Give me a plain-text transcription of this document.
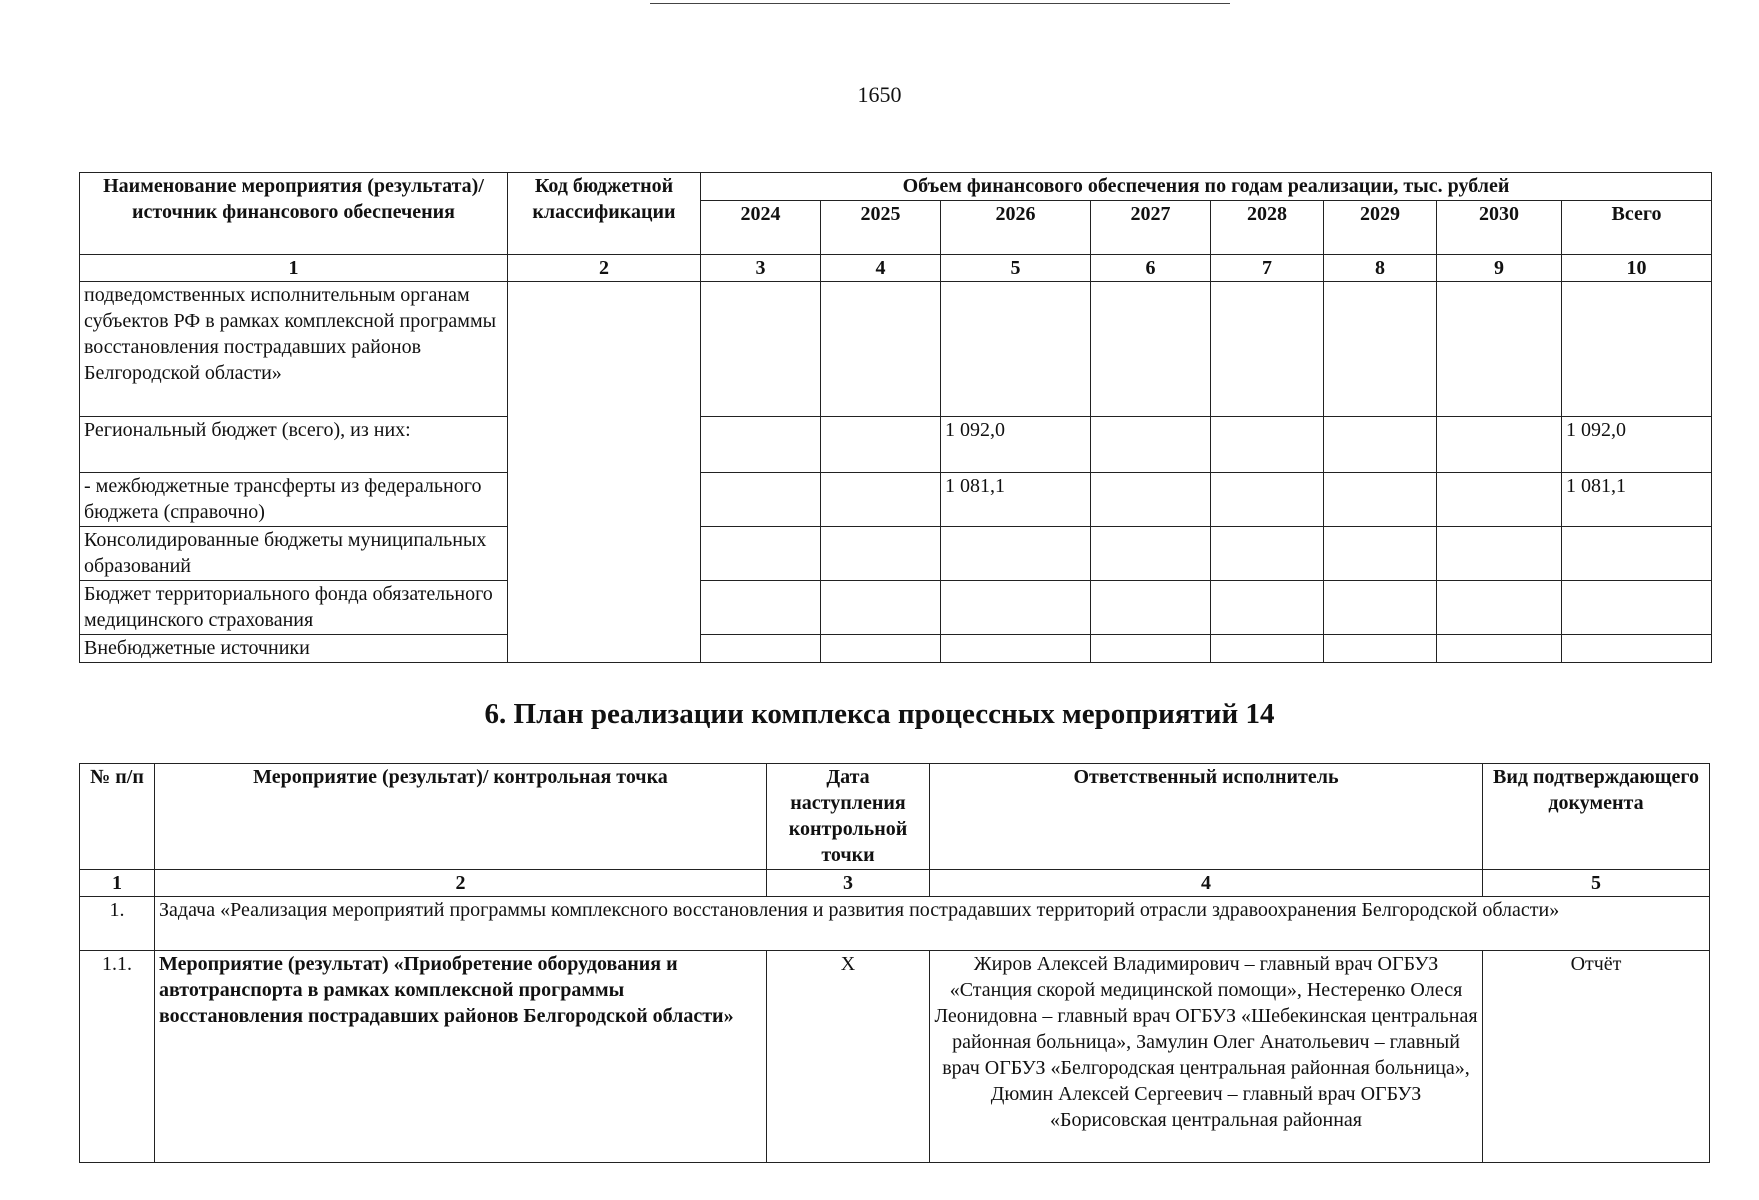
1650
Наименование мероприятия (результата)/ источник финансового обеспечения	Код бюджетной классификации	Объем финансового обеспечения по годам реализации, тыс. рублей							
		2024	2025	2026	2027	2028	2029	2030	Всего
1	2	3	4	5	6	7	8	9	10
подведомственных исполнительным органам субъектов РФ в рамках комплексной программы восстановления пострадавших районов Белгородской области»									
Региональный бюджет (всего), из них:				1 092,0					1 092,0
- межбюджетные трансферты из федерального бюджета (справочно)				1 081,1					1 081,1
Консолидированные бюджеты муниципальных образований									
Бюджет территориального фонда обязательного медицинского страхования									
Внебюджетные источники									
6. План реализации комплекса процессных мероприятий 14
№ п/п	Мероприятие (результат)/ контрольная точка	Дата наступления контрольной точки	Ответственный исполнитель	Вид подтверждающего документа
1	2	3	4	5
1.	Задача «Реализация мероприятий программы комплексного восстановления и развития пострадавших территорий отрасли здравоохранения Белгородской области»			
1.1.	Мероприятие (результат) «Приобретение оборудования и автотранспорта в рамках комплексной программы восстановления пострадавших районов Белгородской области»	Х	Жиров Алексей Владимирович – главный врач ОГБУЗ «Станция скорой медицинской помощи», Нестеренко Олеся Леонидовна – главный врач ОГБУЗ «Шебекинская центральная районная больница», Замулин Олег Анатольевич – главный врач ОГБУЗ «Белгородская центральная районная больница», Дюмин Алексей Сергеевич – главный врач ОГБУЗ «Борисовская центральная районная	Отчёт
